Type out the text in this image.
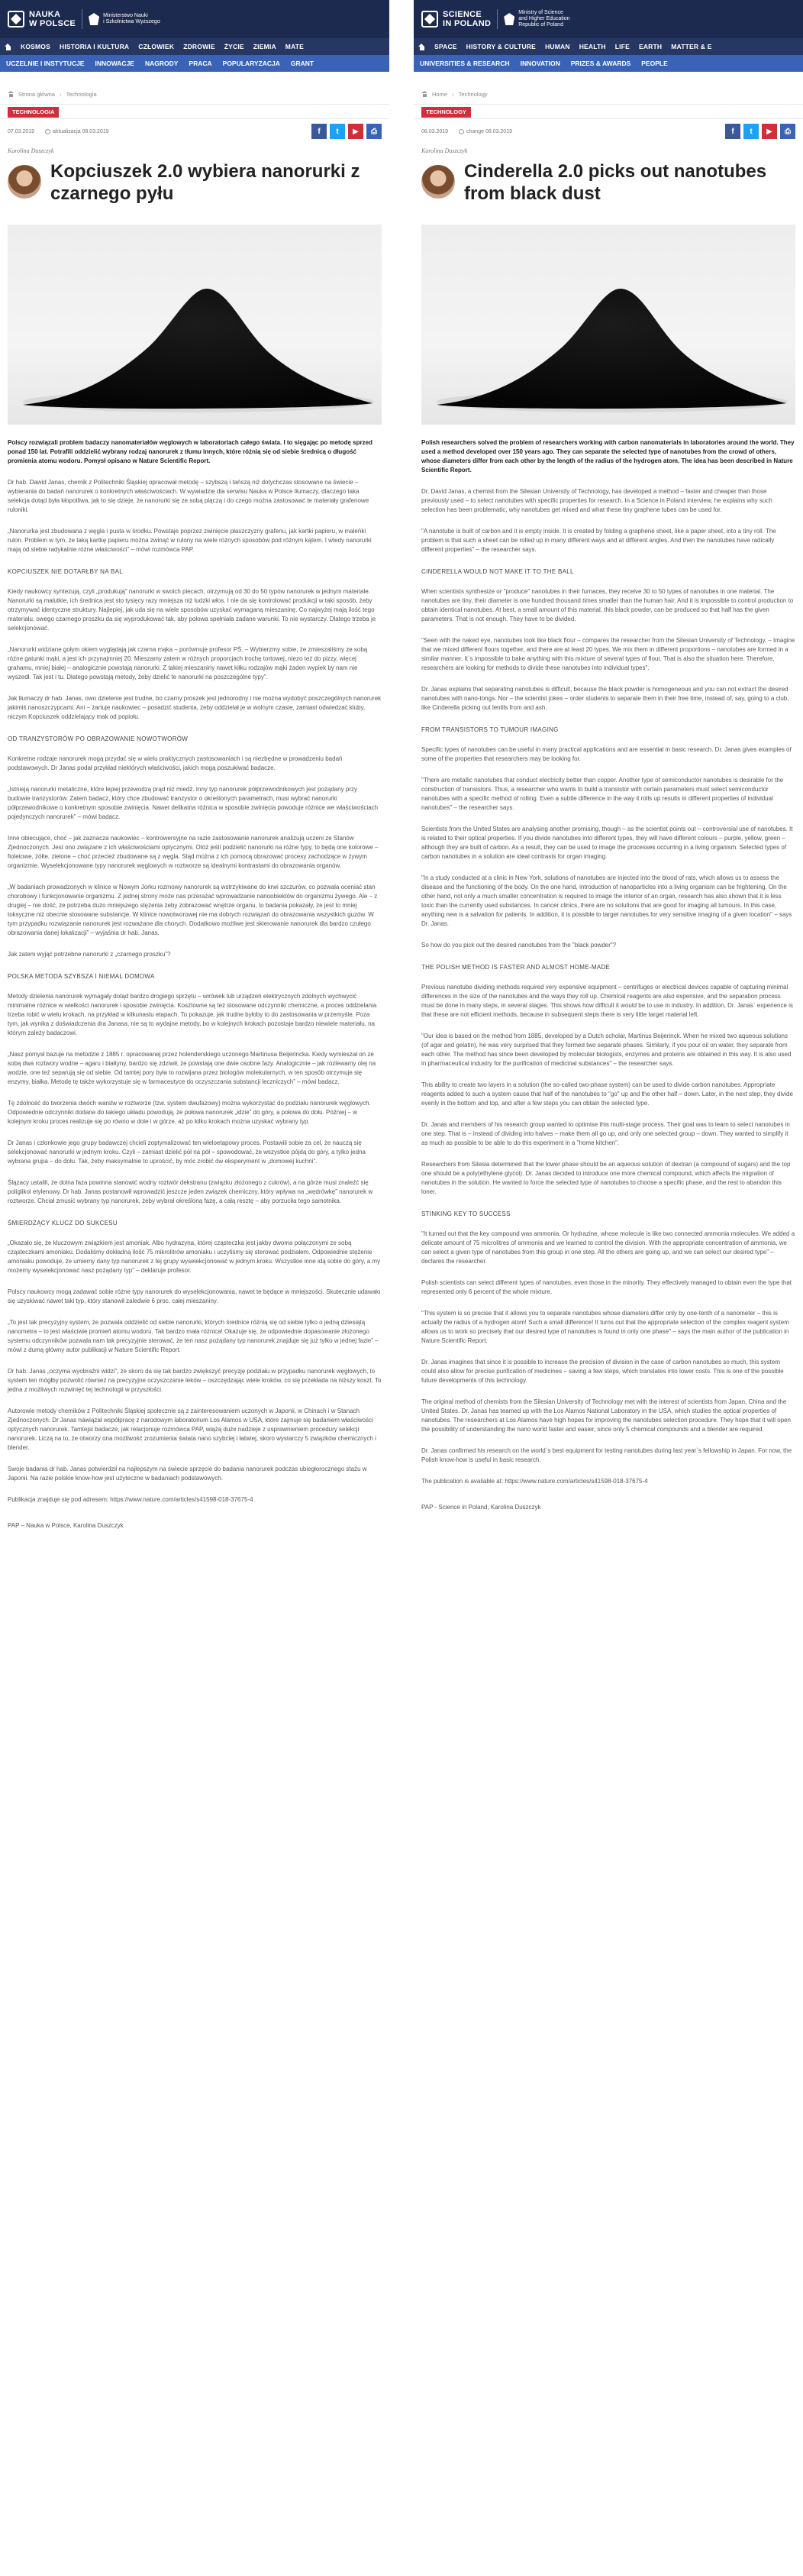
NAUKA
W POLSCE
Ministerstwo Nauki
i Szkolnictwa Wyższego
KOSMOS HISTORIA I KULTURA CZŁOWIEK ZDROWIE ŻYCIE ZIEMIA MATE
UCZELNIE I INSTYTUCJE INNOWACJE NAGRODY PRACA POPULARYZACJA GRANT
Strona główna › Technologia
TECHNOLOGIA
07.03.2019	aktualizacja 08.03.2019	f	t	▶	⎙
Karolina Duszczyk
Kopciuszek 2.0 wybiera nanorurki z czarnego pyłu

Polscy rozwiązali problem badaczy nanomateriałów węglowych w laboratoriach całego świata. I to sięgając po metodę sprzed ponad 150 lat. Potrafili oddzielić wybrany rodzaj nanorurek z tłumu innych, które różnią się od siebie średnicą o długość promienia atomu wodoru. Pomysł opisano w Nature Scientific Report.

Dr hab. Dawid Janas, chemik z Politechniki Śląskiej opracował metodę – szybszą i tańszą niż dotychczas stosowane na świecie – wybierania do badań nanorurek o konkretnych właściwościach. W wywiadzie dla serwisu Nauka w Polsce tłumaczy, dlaczego taka selekcja dotąd była kłopotliwa, jak to się dzieje, że nanorurki się ze sobą plączą i do czego można zastosować te materiały grafenowe rulоniki.

„Nanorurka jest zbudowana z węgla i pusta w środku. Powstaje poprzez zwinięcie płaszczyzny grafenu, jak kartki papieru, w maleńki rulon. Problem w tym, że taką kartkę papieru można zwinąć w rulony na wiele różnych sposobów pod różnym kątem. I wtedy nanorurki mają od siebie radykalnie różne właściwości” – mówi rozmówca PAP.

KOPCIUSZEK NIE DOTARŁBY NA BAL

Kiedy naukowcy syntezują, czyli „produkują” nanorurki w swoich piecach, otrzymują od 30 do 50 typów nanorurek w jednym materiale. Nanorurki są malutkie, ich średnica jest sto tysięcy razy mniejsza niż ludzki włos. I nie da się kontrolować produkcji w taki sposób, żeby otrzymywać identyczne struktury. Najlepiej, jak uda się na wiele sposobów uzyskać wymaganą mieszaninę. Co najwyżej mają ilość tego materiału, owego czarnego proszku da się wyprodukować tak, aby połowa spełniała zadane warunki. To nie wystarczy. Dlatego trzeba je selekcjonować.

„Nanorurki widziane gołym okiem wyglądają jak czarna mąka – porównuje profesor PŚ. – Wybierzmy sobie, że zmieszaliśmy ze sobą różne gatunki mąki, a jest ich przynajmniej 20. Mieszamy zatem w różnych proporcjach trochę tortowej, niezo też do pizzy, więcej grahamu, mniej białej – analogicznie powstają nanorurki. Z takiej mieszaniny nawet kiłku rodzajów mąki żaden wypiek by nam nie wyszedł. Tak jest i tu. Dlatego powstają metody, żeby dzielić te nanorurki na poszczególne typy”.

Jak tłumaczy dr hab. Janas, owo dzielenie jest trudne, bo czarny proszek jest jednorodny i nie można wydobyć poszczególnych nanorurek jakimiś nanoszczypcami. Ani – żartuje naukowiec – posadzić studenta, żeby oddzielał je w wolnym czasie, zamiast odwiedzać kluby, niczym Kopciuszek oddzielający mak od popiołu.

OD TRANZYSTORÓW PO OBRAZOWANIE NOWOTWORÓW

Konkretne rodzaje nanorurek mogą przydać się w wielu praktycznych zastosowaniach i są niezbędne w prowadzeniu badań podstawowych. Dr Janas podał przykład niektórych właściwości, jakich mogą poszukiwać badacze.

„Istnieją nanorurki metaliczne, które lepiej przewodzą prąd niż miedź. Inny typ nanorurek półprzewodnikowych jest pożądany przy budowie tranzystorów. Zatem badacz, który chce zbudować tranzystor o określonych parametrach, musi wybrać nanorurki półprzewodnikowe o konkretnym sposobie zwinięcia. Nawet delikatna różnica w sposobie zwinięcia powoduje różnice we właściwościach pojedynczych nanorurek” – mówi badacz.

Inne obiecujące, choć – jak zaznacza naukowiec – kontrowersyjne na razie zastosowanie nanorurek analizują uczeni ze Stanów Zjednoczonych. Jest ono związane z ich właściwościami optycznymi. Otóż jeśli podzielić nanorurki na różne typy, to będą one kolorowe – fioletowe, żółte, zielone – choć przecież zbudowane są z węgla. Stąd można z ich pomocą obrazować procesy zachodzące w żywym organizmie. Wyselekcjonowane typy nanorurek węglowych w roztworze są idealnymi kontrastami do obrazowania organów.

„W badaniach prowadzonych w klinice w Nowym Jorku rozmowy nanorurek są wstrzykiwane do krwi szczurów, co pozwala oceniać stan chorobowy i funkcjonowanie organizmu. Z jednej strony może nas przerażać wprowadzanie nanoobiektów do organizmu żywego. Ale – z drugiej – nie dość, że potrzeba dużo mniejszego stężenia żeby zobrazować wnętrze organu, to badania pokazały, że jest to mniej toksyczne niż obecnie stosowane substancje. W klinice nowotworowej nie ma dobrych rozwiązań do obrazowania wszystkich guzów. W tym przypadku rozwiązanie nanorurek jest rozważane dla chorych. Dodatkowo możliwe jest skierowanie nanorurek dla bardzo czułego obrazowania danej lokalizacji” – wyjaśnia dr hab. Janas.

Jak zatem wyjąć potrzebne nanorurki z „czarnego proszku”?

POLSKA METODA SZYBSZA I NIEMAL DOMOWA

Metody dzielenia nanorurek wymagały dotąd bardzo drogiego sprzętu – wirówek lub urządzeń elektrycznych zdolnych wychwycić minimalne różnice w wielkości nanorurek i sposobie zwinięcia. Kosztowne są też stosowane odczynniki chemiczne, a proces oddzielania trzeba robić w wielu krokach, na przykład w kilkunastu etapach. To pokazuje, jak trudne byłoby to do zastosowania w przemyśle. Poza tym, jak wynika z doświadczenia dra Janasa, nie są to wydajne metody, bo w kolejnych krokach pozostaje bardzo niewiele materiału, na którym zależy badaczowi.

„Nasz pomysł bazuje na metodzie z 1885 r. opracowanej przez holenderskiego uczonego Martinusa Beijerincka. Kiedy wymieszał on ze sobą dwa roztwory wodne – agaru i białtyny, bardzo się zdziwił, że powstają one dwie osobne fazy. Analogicznie – jak rozlewamy olej na wodzie, one też separują się od siebie. Od tamtej pory była to rozwijana przez biologów molekularnych, w ten sposób otrzymuje się enzymy, białka. Metodę tę także wykorzystuje się w farmaceutyce do oczyszczania substancji leczniczych” – mówi badacz.

Tę zdolność do tworzenia dwóch warstw w roztworze (tzw. system dwufazowy) można wykorzystać do podziału nanorurek węglowych. Odpowiednie odczynniki dodane do takiego układu powodują, że połowa nanorurek „idzie” do góry, a połowa do dołu. Później – w kolejnym kroku proces realizuje się po równo w dole i w górze, aż po kilku krokach można uzyskać wybrany typ.

Dr Janas i członkowie jego grupy badawczej chcieli zoptymalizować ten wieloetapowy proces. Postawili sobie za cel, że nauczą się selekcjonować nanorurki w jednym kroku. Czyli – zamiast dzielić pół na pół – spowodować, że wszystkie pójdą do góry, a tylko jedna wybrana grupa – do dołu. Tak, żeby maksymalnie to uprościć, by móc zrobić ów eksperyment w „domowej kuchni”.

Ślązacy ustalili, że dolna faza powinna stanowić wodny roztwór dekstranu (związku złożonego z cukrów), a na górze musi znaleźć się poliglikol etylenowy. Dr hab. Janas postanowił wprowadzić jeszcze jeden związek chemiczny, który wpływa na „wędrówkę” nanorurek w roztworze. Chciał zmusić wybrany typ nanorurek, żeby wybrał określoną fazę, a całą resztę – aby porzuciła tego samotnika.

ŚMIERDZĄCY KLUCZ DO SUKCESU

„Okazało się, że kluczowym związkiem jest amoniak. Albo hydrazyna, której cząsteczka jest jakby dwoma połączonymi ze sobą cząsteczkami amoniaku. Dodaliśmy dokładną ilość 75 mikrolitrów amoniaku i uczyliśmy się sterować podziałem. Odpowiednie stężenie amoniaku powoduje, że umiemy dany typ nanorurek z tej grupy wyselekcjonować w jednym kroku. Wszystkie inne idą sobie do góry, a my możemy wyselekcjonować nasz pożądany typ” – deklaruje profesor.

Polscy naukowcy mogą zadawać sobie różne typy nanorurek do wyselekcjonowania, nawet te będące w mniejszości. Skutecznie udawało się uzyskiwać nawet taki typ, który stanowił zaledwie 6 proc. całej mieszaniny.

„To jest tak precyzyjny system, że pozwala oddzielić od siebie nanorurki, których średnice różnią się od siebie tylko o jedną dziesiątą nanometra – to jest właściwie promień atomu wodoru. Tak bardzo mała różnica! Okazuje się, że odpowiednie dopasowanie złożonego systemu odczynników pozwala nam tak precyzyjnie sterować, że ten nasz pożądany typ nanorurek znajduje się już tylko w jednej fazie” – mówi z dumą główny autor publikacji w Nature Scientific Report.

Dr hab. Janas „oczyma wyobraźni widzi”, że skoro da się tak bardzo zwiększyć precyzję podziału w przypadku nanorurek węglowych, to system ten mógłby pozwolić również na precyzyjne oczyszczanie leków – oszczędzając wiele kroków, co się przekłada na niższy koszt. To jedna z możliwych rozwinięć tej technologii w przyszłości.

Autorowie metody chemików z Politechniki Śląskiej społecznie są z zainteresowaniem uczonych w Japonii, w Chinach i w Stanach Zjednoczonych. Dr Janas nawiązał współpracę z narodowym laboratorium Los Alamos w USA, które zajmuje się badaniem właściwości optycznych nanorurek. Tamtejsi badacze, jak relacjonuje rozmówca PAP, wiążą duże nadzieje z usprawnieniem procedury selekcji nanorurek. Liczą na to, że otworzy ona możliwość zrozumienia świata nano szybciej i łatwiej, skoro wystarczy 5 związków chemicznych i blender.

Swoje badania dr hab. Janas potwierdził na najlepszym na świecie sprzęcie do badania nanorurek podczas ubiegłorocznego stażu w Japonii. Na razie polskie know-how jest użyteczne w badaniach podstawowych.

Publikacja znajduje się pod adresem: https://www.nature.com/articles/s41598-018-37675-4

PAP – Nauka w Polsce, Karolina Duszczyk

SCIENCE
IN POLAND
Ministry of Science
and Higher Education
Republic of Poland
SPACE HISTORY & CULTURE HUMAN HEALTH LIFE EARTH MATTER & E
UNIVERSITIES & RESEARCH INNOVATION PRIZES & AWARDS PEOPLE
Home › Technology
TECHNOLOGY
08.03.2019	change 08.03.2019	f	t	▶	⎙
Karolina Duszczyk
Cinderella 2.0 picks out nanotubes from black dust

Polish researchers solved the problem of researchers working with carbon nanomaterials in laboratories around the world. They used a method developed over 150 years ago. They can separate the selected type of nanotubes from the crowd of others, whose diameters differ from each other by the length of the radius of the hydrogen atom. The idea has been described in Nature Scientific Report.

Dr. David Janas, a chemist from the Silesian University of Technology, has developed a method – faster and cheaper than those previously used – to select nanotubes with specific properties for research. In a Science in Poland interview, he explains why such selection has been problematic, why nanotubes get mixed and what these tiny graphene tubes can be used for.

"A nanotube is built of carbon and it is empty inside. It is created by folding a graphene sheet, like a paper sheet, into a tiny roll. The problem is that such a sheet can be rolled up in many different ways and at different angles. And then the nanotubes have radically different properties" – the researcher says.

CINDERELLA WOULD NOT MAKE IT TO THE BALL

When scientists synthesize or "produce" nanotubes in their furnaces, they receive 30 to 50 types of nanotubes in one material. The nanotubes are tiny, their diameter is one hundred thousand times smaller than the human hair. And it is impossible to control production to obtain identical nanotubes. At best, a small amount of this material, this black powder, can be produced so that half has the given parameters. That is not enough. They have to be divided.

"Seen with the naked eye, nanotubes look like black flour – compares the researcher from the Silesian University of Technology. – Imagine that we mixed different flours together, and there are at least 20 types. We mix them in different proportions – nanotubes are formed in a similar manner. It`s impossible to bake anything with this mixture of several types of flour. That is also the situation here. Therefore, researchers are looking for methods to divide these nanotubes into individual types".

Dr. Janas explains that separating nanotubes is difficult, because the black powder is homogeneous and you can not extract the desired nanotubes with nano-tongs. Nor – the scientist jokes – order students to separate them in their free time, instead of, say, going to a club, like Cinderella picking out lentils from and ash.

FROM TRANSISTORS TO TUMOUR IMAGING

Specific types of nanotubes can be useful in many practical applications and are essential in basic research. Dr. Janas gives examples of some of the properties that researchers may be looking for.

"There are metallic nanotubes that conduct electricity better than copper. Another type of semiconductor nanotubes is desirable for the construction of transistors. Thus, a researcher who wants to build a transistor with certain parameters must select semiconductor nanotubes with a specific method of rolling. Even a subtle difference in the way it rolls up results in different properties of individual nanotubes" – the researcher says.

Scientists from the United States are analysing another promising, though – as the scientist points out – controversial use of nanotubes. It is related to their optical properties. If you divide nanotubes into different types, they will have different colours – purple, yellow, green – although they are built of carbon. As a result, they can be used to image the processes occurring in a living organism. Selected types of carbon nanotubes in a solution are ideal contrasts for organ imaging.

"In a study conducted at a clinic in New York, solutions of nanotubes are injected into the blood of rats, which allows us to assess the disease and the functioning of the body. On the one hand, introduction of nanoparticles into a living organism can be frightening. On the other hand, not only a much smaller concentration is required to image the interior of an organ, research has also shown that it is less toxic than the currently used substances. In cancer clinics, there are no solutions that are good for imaging all tumours. In this case, anything new is a salvation for patients. In addition, it is possible to target nanotubes for very sensitive imaging of a given location" – says Dr. Janas.

So how do you pick out the desired nanotubes from the "black powder"?

THE POLISH METHOD IS FASTER AND ALMOST HOME-MADE

Previous nanotube dividing methods required very expensive equipment – centrifuges or electrical devices capable of capturing minimal differences in the size of the nanotubes and the ways they roll up. Chemical reagents are also expensive, and the separation process must be done in many steps, in several stages. This shows how difficult it would be to use in industry. In addition, Dr. Janas` experience is that these are not efficient methods, because in subsequent steps there is very little target material left.

"Our idea is based on the method from 1885, developed by a Dutch scholar, Martinus Beijerinck. When he mixed two aqueous solutions (of agar and gelatin), he was very surprised that they formed two separate phases. Similarly, if you pour oil on water, they separate from each other. The method has since been developed by molecular biologists, enzymes and proteins are obtained in this way. It is also used in pharmaceutical industry for the purification of medicinal substances" – the researcher says.

This ability to create two layers in a solution (the so-called two-phase system) can be used to divide carbon nanotubes. Appropriate reagents added to such a system cause that half of the nanotubes to "go" up and the other half – down. Later, in the next step, they divide evenly in the bottom and top, and after a few steps you can obtain the selected type.

Dr. Janas and members of his research group wanted to optimise this multi-stage process. Their goal was to learn to select nanotubes in one step. That is – instead of dividing into halves – make them all go up, and only one selected group – down. They wanted to simplify it as much as possible to be able to do this experiment in a "home kitchen".

Researchers from Silesia determined that the lower phase should be an aqueous solution of dextran (a compound of sugars) and the top one should be a poly(ethylene glycol). Dr. Janas decided to introduce one more chemical compound, which affects the migration of nanotubes in the solution. He wanted to force the selected type of nanotubes to choose a specific phase, and the rest to abandon this loner.

STINKING KEY TO SUCCESS

"It turned out that the key compound was ammonia. Or hydrazine, whose molecule is like two connected ammonia molecules. We added a delicate amount of 75 microlitres of ammonia and we learned to control the division. With the appropriate concentration of ammonia, we can select a given type of nanotubes from this group in one step. All the others are going up, and we can select our desired type" – declares the researcher.

Polish scientists can select different types of nanotubes, even those in the minority. They effectively managed to obtain even the type that represented only 6 percent of the whole mixture.

"This system is so precise that it allows you to separate nanotubes whose diameters differ only by one-tenth of a nanometer – this is actually the radius of a hydrogen atom! Such a small difference! It turns out that the appropriate selection of the complex reagent system allows us to work so precisely that our desired type of nanotubes is found in only one phase" – says the main author of the publication in Nature Scientific Report.

Dr. Janas imagines that since it is possible to increase the precision of division in the case of carbon nanotubes so much, this system could also allow for precise purification of medicines – saving a few steps, which translates into lower costs. This is one of the possible future developments of this technology.

The original method of chemists from the Silesian University of Technology met with the interest of scientists from Japan, China and the United States. Dr. Janas has teamed up with the Los Alamos National Laboratory in the USA, which studies the optical properties of nanotubes. The researchers at Los Alamos have high hopes for improving the nanotubes selection procedure. They hope that it will open the possibility of understanding the nano world faster and easier, since only 5 chemical compounds and a blender are required.

Dr. Janas confirmed his research on the world`s best equipment for testing nanotubes during last year`s fellowship in Japan. For now, the Polish know-how is useful in basic research.

The publication is available at: https://www.nature.com/articles/s41598-018-37675-4

PAP - Science in Poland, Karolina Duszczyk
